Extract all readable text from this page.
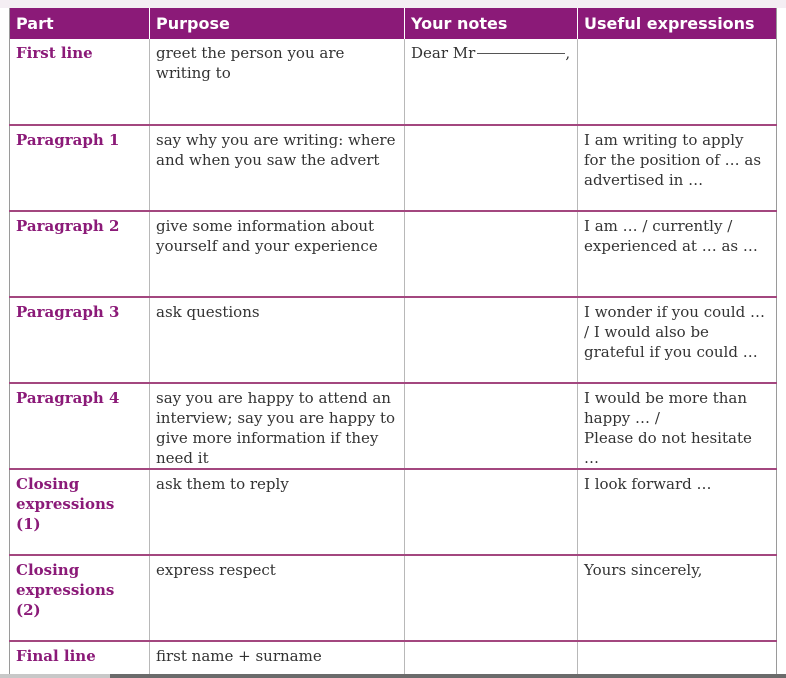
Part	Purpose	Your notes	Useful expressions
First line	greet the person you are writing to	Dear Mr ,	
Paragraph 1	say why you are writing: where and when you saw the advert		I am writing to apply for the position of … as advertised in …

Paragraph 2	give some information about yourself and your experience		I am … / currently / experienced at … as …

Paragraph 3	ask questions		I wonder if you could … / I would also be grateful if you could …

Paragraph 4	say you are happy to attend an interview; say you are happy to give more information if they need it		I would be more than happy … /
Please do not hesitate …

Closing expressions (1)	ask them to reply		I look forward …

Closing expressions (2)	express respect		Yours sincerely,

Final line	first name + surname		
